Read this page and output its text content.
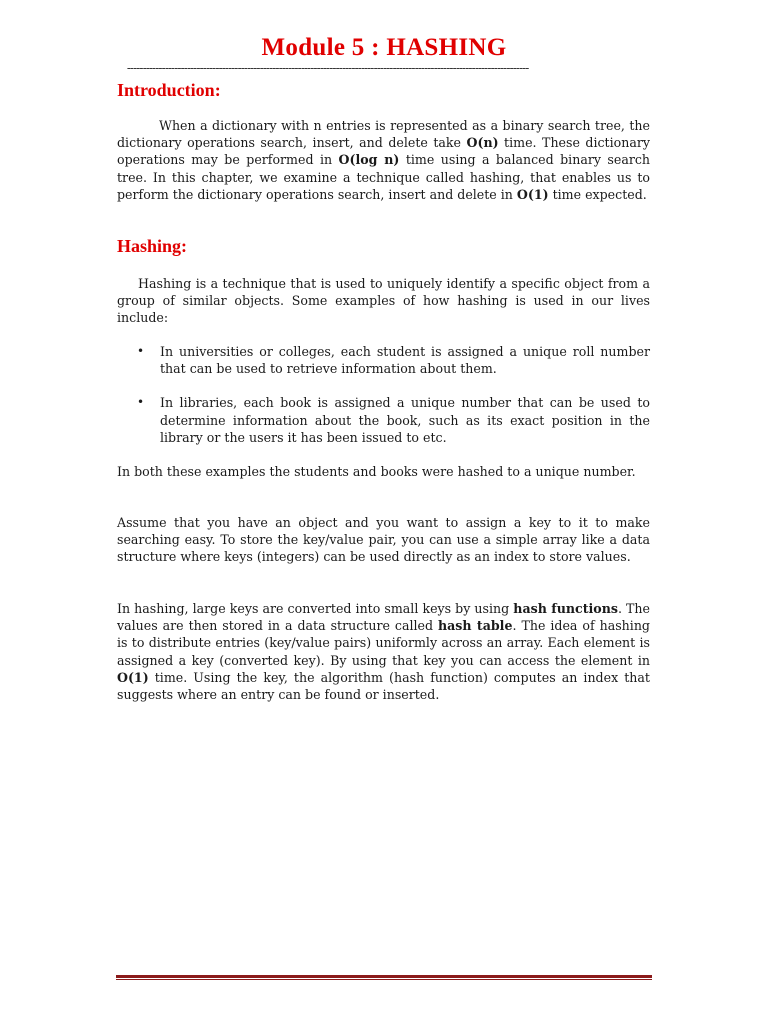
Module 5 : HASHING
-------------------------------------------------------------------------------------------------------------------------------
Introduction:

When a dictionary with n entries is represented as a binary search tree, the dictionary operations search, insert, and delete take O(n) time. These dictionary operations may be performed in O(log n) time using a balanced binary search tree. In this chapter, we examine a technique called hashing, that enables us to perform the dictionary operations search, insert and delete in O(1) time expected.

Hashing:

Hashing is a technique that is used to uniquely identify a specific object from a group of similar objects. Some examples of how hashing is used in our lives include:

• In universities or colleges, each student is assigned a unique roll number that can be used to retrieve information about them.
• In libraries, each book is assigned a unique number that can be used to determine information about the book, such as its exact position in the library or the users it has been issued to etc.

In both these examples the students and books were hashed to a unique number.

Assume that you have an object and you want to assign a key to it to make searching easy. To store the key/value pair, you can use a simple array like a data structure where keys (integers) can be used directly as an index to store values.

In hashing, large keys are converted into small keys by using hash functions. The values are then stored in a data structure called hash table. The idea of hashing is to distribute entries (key/value pairs) uniformly across an array. Each element is assigned a key (converted key). By using that key you can access the element in O(1) time. Using the key, the algorithm (hash function) computes an index that suggests where an entry can be found or inserted.
